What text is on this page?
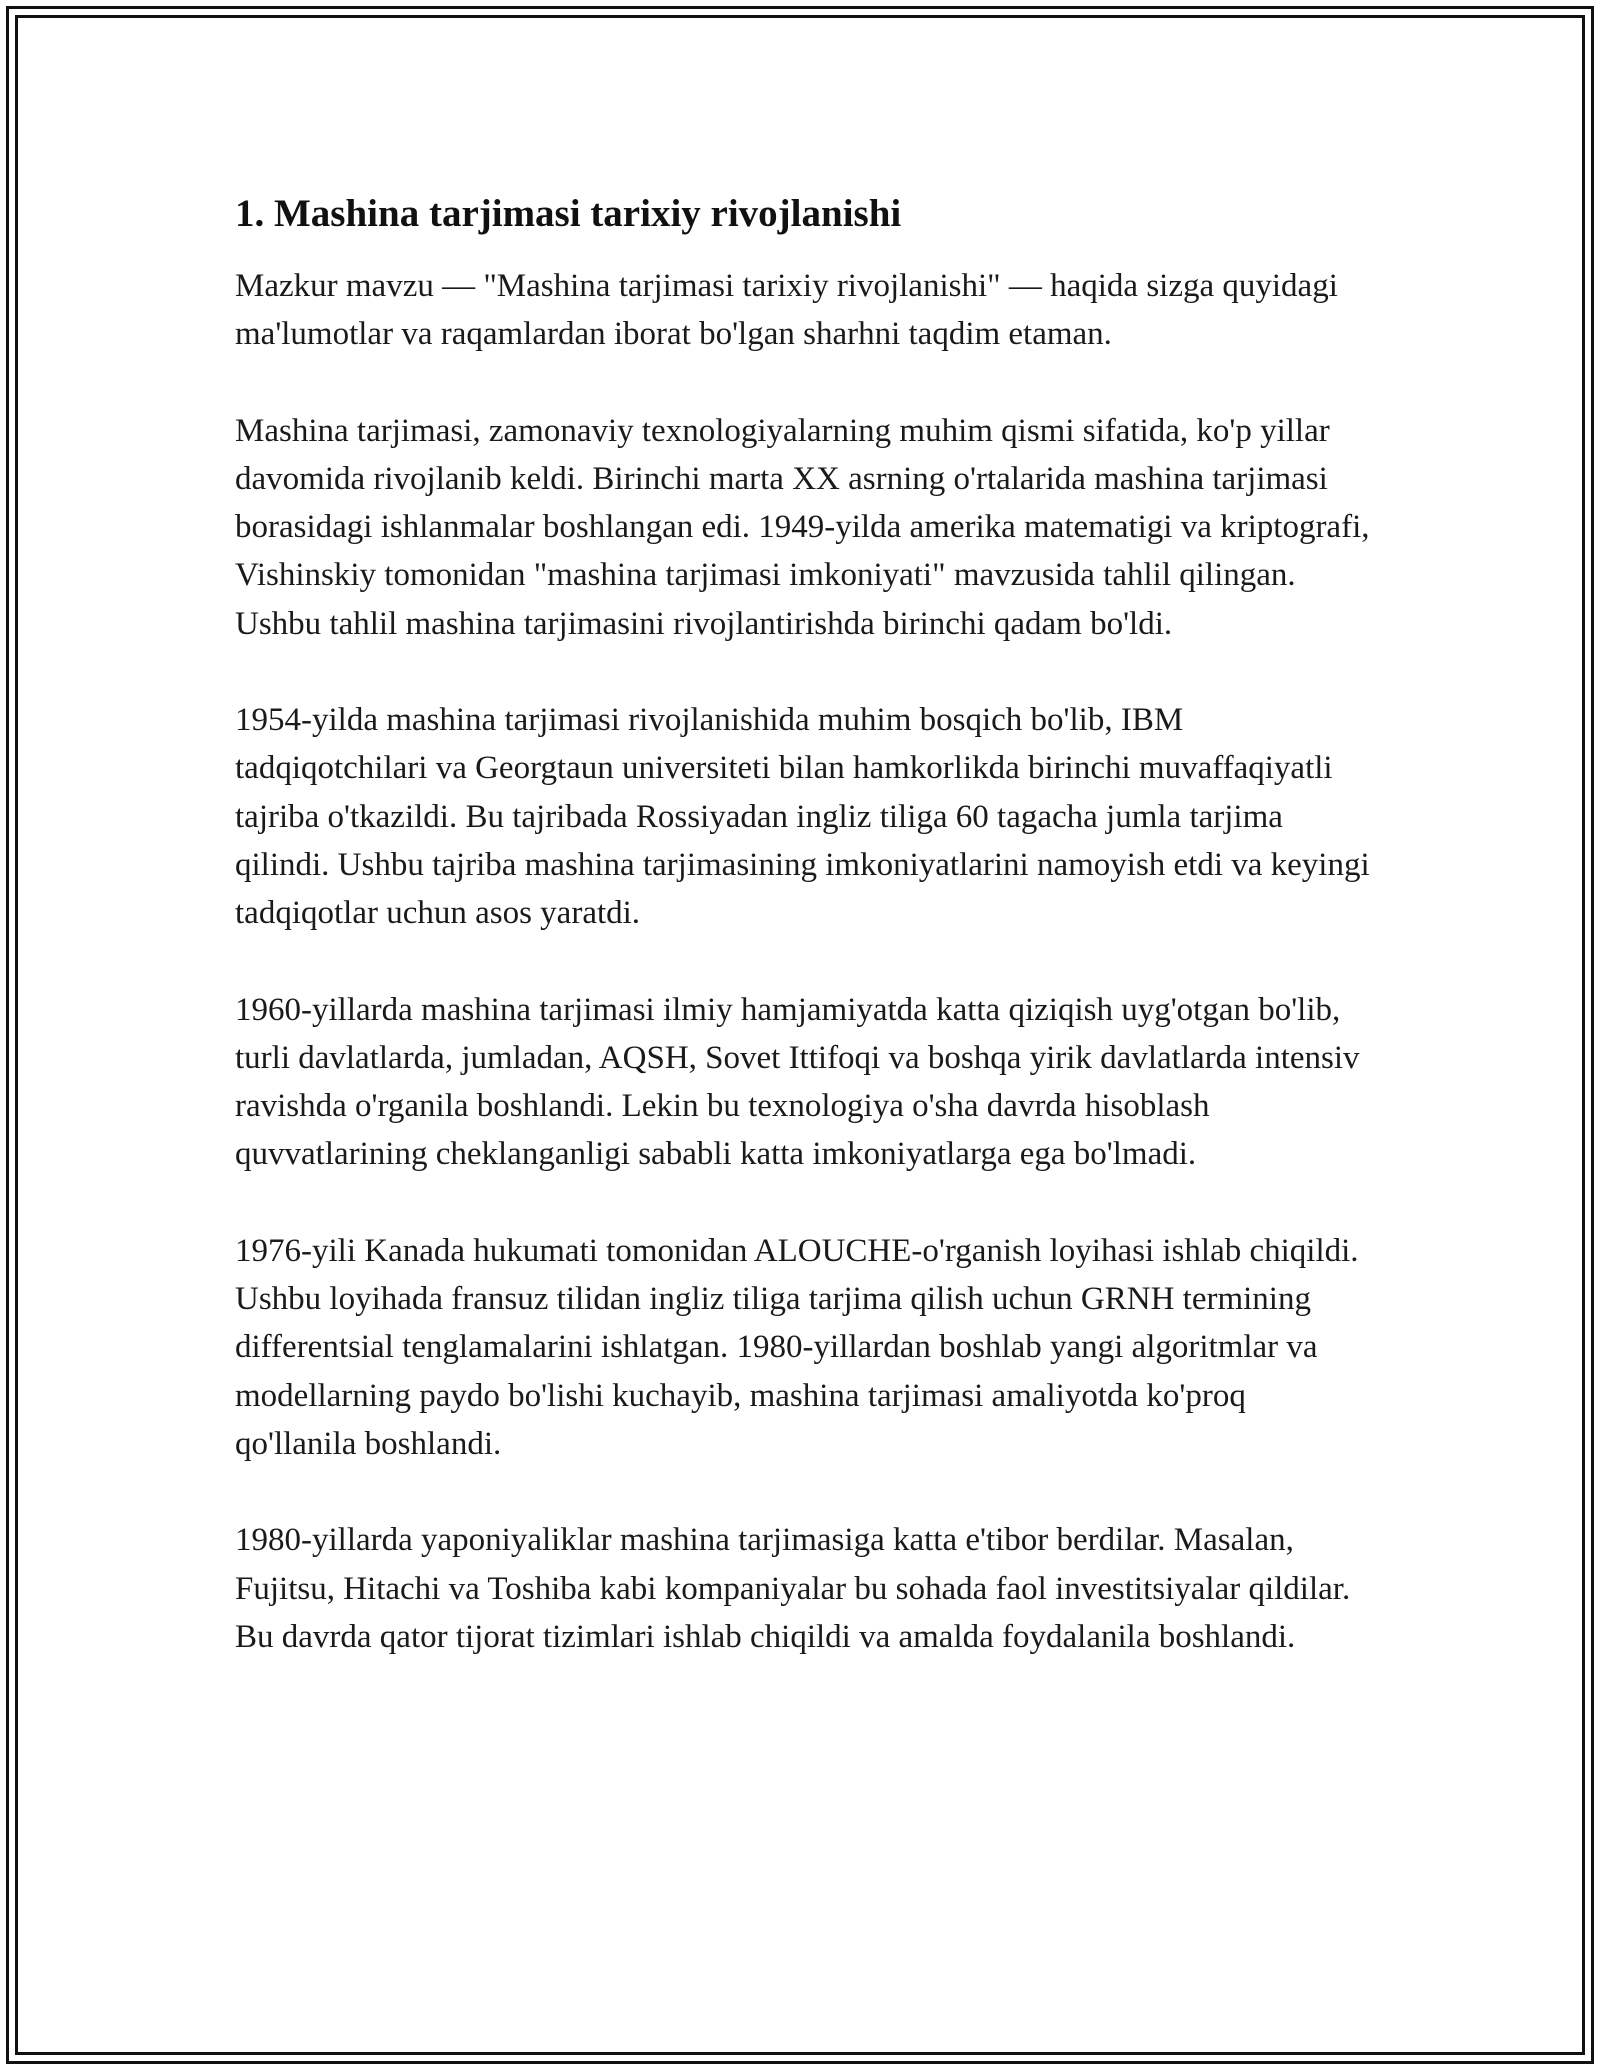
1. Mashina tarjimasi tarixiy rivojlanishi

Mazkur mavzu — "Mashina tarjimasi tarixiy rivojlanishi" — haqida sizga quyidagi ma'lumotlar va raqamlardan iborat bo'lgan sharhni taqdim etaman.

Mashina tarjimasi, zamonaviy texnologiyalarning muhim qismi sifatida, ko'p yillar davomida rivojlanib keldi. Birinchi marta XX asrning o'rtalarida mashina tarjimasi borasidagi ishlanmalar boshlangan edi. 1949-yilda amerika matematigi va kriptografi, Vishinskiy tomonidan "mashina tarjimasi imkoniyati" mavzusida tahlil qilingan. Ushbu tahlil mashina tarjimasini rivojlantirishda birinchi qadam bo'ldi.

1954-yilda mashina tarjimasi rivojlanishida muhim bosqich bo'lib, IBM tadqiqotchilari va Georgtaun universiteti bilan hamkorlikda birinchi muvaffaqiyatli tajriba o'tkazildi. Bu tajribada Rossiyadan ingliz tiliga 60 tagacha jumla tarjima qilindi. Ushbu tajriba mashina tarjimasining imkoniyatlarini namoyish etdi va keyingi tadqiqotlar uchun asos yaratdi.

1960-yillarda mashina tarjimasi ilmiy hamjamiyatda katta qiziqish uyg'otgan bo'lib, turli davlatlarda, jumladan, AQSH, Sovet Ittifoqi va boshqa yirik davlatlarda intensiv ravishda o'rganila boshlandi. Lekin bu texnologiya o'sha davrda hisoblash quvvatlarining cheklanganligi sababli katta imkoniyatlarga ega bo'lmadi.

1976-yili Kanada hukumati tomonidan ALOUCHE-o'rganish loyihasi ishlab chiqildi. Ushbu loyihada fransuz tilidan ingliz tiliga tarjima qilish uchun GRNH termining differentsial tenglamalarini ishlatgan. 1980-yillardan boshlab yangi algoritmlar va modellarning paydo bo'lishi kuchayib, mashina tarjimasi amaliyotda ko'proq qo'llanila boshlandi.

1980-yillarda yaponiyaliklar mashina tarjimasiga katta e'tibor berdilar. Masalan, Fujitsu, Hitachi va Toshiba kabi kompaniyalar bu sohada faol investitsiyalar qildilar. Bu davrda qator tijorat tizimlari ishlab chiqildi va amalda foydalanila boshlandi.
